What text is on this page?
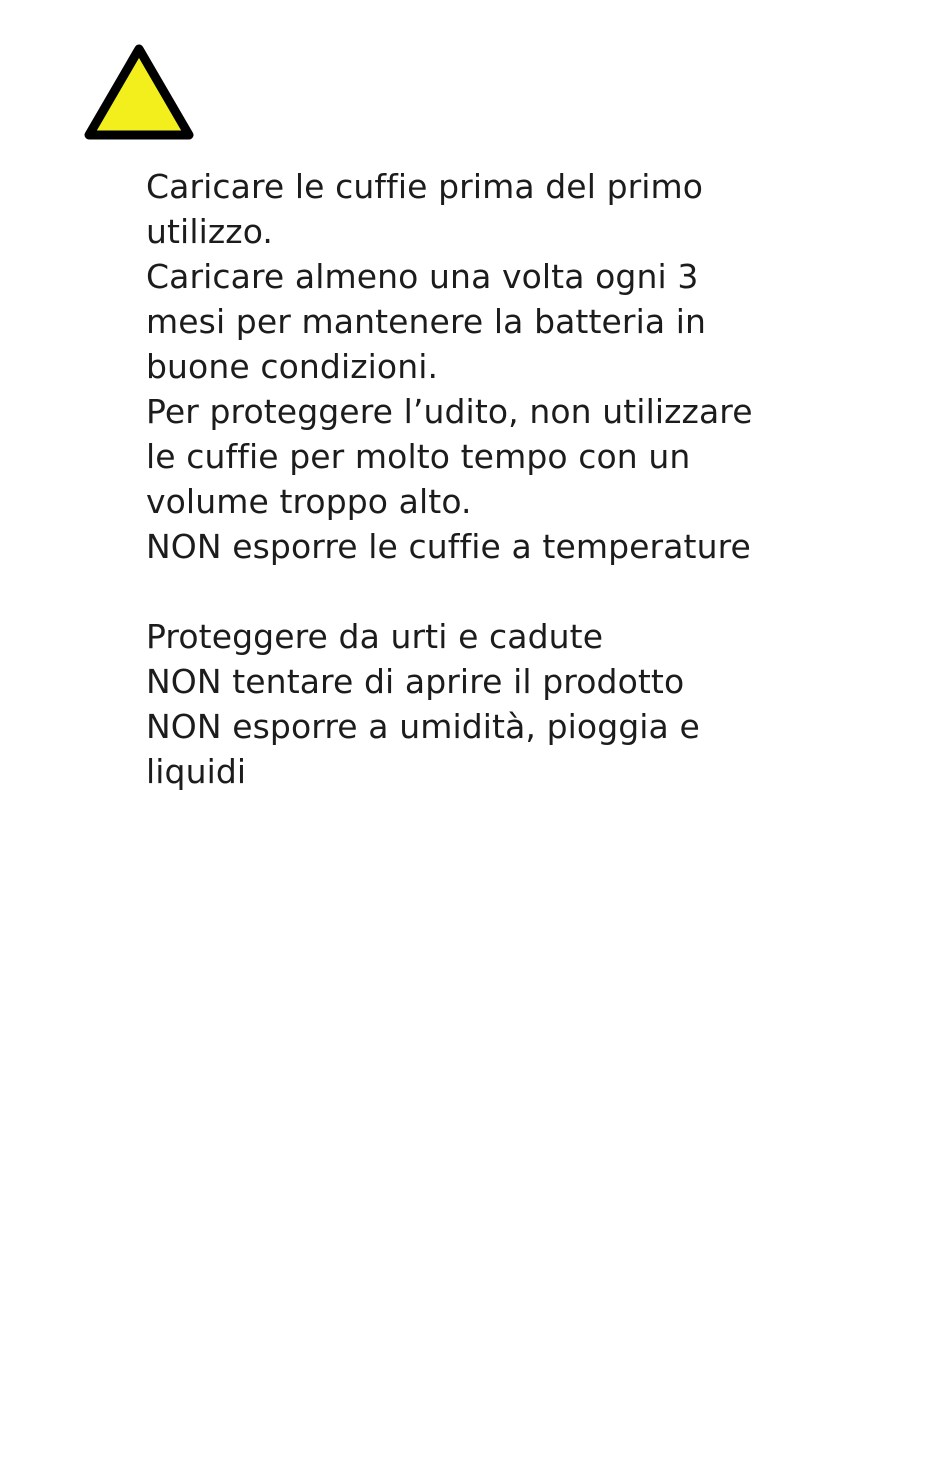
Caricare le cuffie prima del primo
utilizzo.
Caricare almeno una volta ogni 3
mesi per mantenere la batteria in
buone condizioni.
Per proteggere l’udito, non utilizzare
le cuffie per molto tempo con un
volume troppo alto.
NON esporre le cuffie a temperature
Proteggere da urti e cadute
NON tentare di aprire il prodotto
NON esporre a umidità, pioggia e
liquidi
